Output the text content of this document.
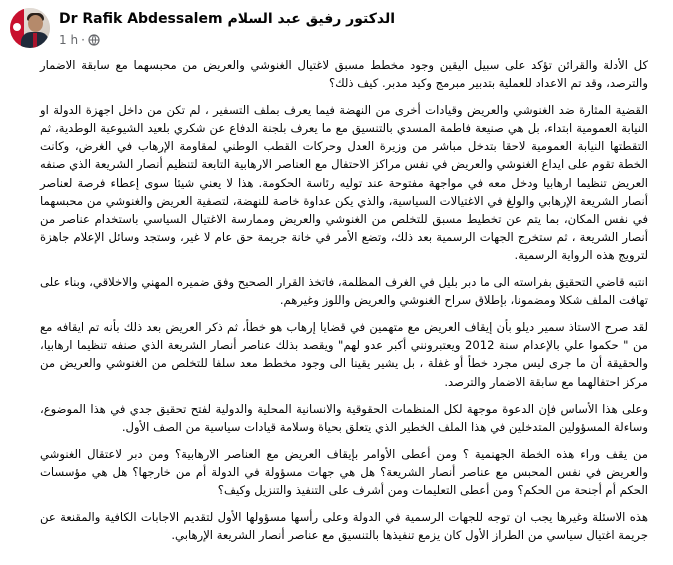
Dr Rafik Abdessalem الدكتور رفيق عبد السلام
1 h ·

كل الأدلة والقرائن تؤكد على سبيل اليقين وجود مخطط مسبق لاغتيال الغنوشي والعريض من محبسهما مع سابقة الاضمار والترصد، وقد تم الاعداد للعملية بتدبير مبرمج وكيد مدبر. كيف ذلك؟

القضية المثارة ضد الغنوشي والعريض وقيادات أخرى من النهضة فيما يعرف بملف التسفير ، لم تكن من داخل اجهزة الدولة او النيابة العمومية ابتداء، بل هي صنيعة فاطمة المسدي بالتنسيق مع ما يعرف بلجنة الدفاع عن شكري بلعيد الشيوعية الوطدية، ثم التقطتها النيابة العمومية لاحقا بتدخل مباشر من وزيرة العدل وحركات القطب الوطني لمقاومة الإرهاب في الغرض، وكانت الخطة تقوم على ايداع الغنوشي والعريض في نفس مراكز الاحتفال مع العناصر الارهابية التابعة لتنظيم أنصار الشريعة الذي صنفه العريض تنظيما ارهابيا ودخل معه في مواجهة مفتوحة عند توليه رئاسة الحكومة. هذا لا يعني شيئا سوى إعطاء فرصة لعناصر أنصار الشريعة الإرهابي والولغ في الاغتيالات السياسية، والذي يكن عداوة خاصة للنهضة، لتصفية العريض والغنوشي من محبسهما في نفس المكان، بما يتم عن تخطيط مسبق للتخلص من الغنوشي والعريض وممارسة الاغتيال السياسي باستخدام عناصر من أنصار الشريعة ، ثم ستخرج الجهات الرسمية بعد ذلك، وتضع الأمر في خانة جريمة حق عام لا غير، وستجد وسائل الإعلام جاهزة لترويج هذه الرواية الرسمية.

انتبه قاضي التحقيق بفراسته الى ما دبر بليل في الغرف المظلمة، فاتخذ القرار الصحيح وفق ضميره المهني والاخلاقي، وبناء على تهافت الملف شكلا ومضمونا، بإطلاق سراح الغنوشي والعريض واللوز وغيرهم.

لقد صرح الاستاذ سمير ديلو بأن إيقاف العريض مع متهمين في قضايا إرهاب هو خطأ، ثم ذكر العريض بعد ذلك بأنه تم ايقافه مع من " حكموا علي بالإعدام سنة 2012 ويعتبرونني أكبر عدو لهم" ويقصد بذلك عناصر أنصار الشريعة الذي صنفه تنظيما ارهابيا، والحقيقة أن ما جرى ليس مجرد خطأ أو غفلة ، بل يشير يقينا الى وجود مخطط معد سلفا للتخلص من الغنوشي والعريض من مركز احتفالهما مع سابقة الاضمار والترصد.

وعلى هذا الأساس فإن الدعوة موجهة لكل المنظمات الحقوقية والانسانية المحلية والدولية لفتح تحقيق جدي في هذا الموضوع، وساءلة المسؤولين المتدخلين في هذا الملف الخطير الذي يتعلق بحياة وسلامة قيادات سياسية من الصف الأول.

من يقف وراء هذه الخطة الجهنمية ؟ ومن أعطى الأوامر بإيقاف العريض مع العناصر الارهابية؟ ومن دبر لاعتقال الغنوشي والعريض في نفس المحبس مع عناصر أنصار الشريعة؟ هل هي جهات مسؤولة في الدولة أم من خارجها؟ هل هي مؤسسات الحكم أم أجنحة من الحكم؟ ومن أعطى التعليمات ومن أشرف على التنفيذ والتنزيل وكيف؟

هذه الاسئلة وغيرها يجب ان توجه للجهات الرسمية في الدولة وعلى رأسها مسؤولها الأول لتقديم الاجابات الكافية والمقنعة عن جريمة اغتيال سياسي من الطراز الأول كان يزمع تنفيذها بالتنسيق مع عناصر أنصار الشريعة الإرهابي.
